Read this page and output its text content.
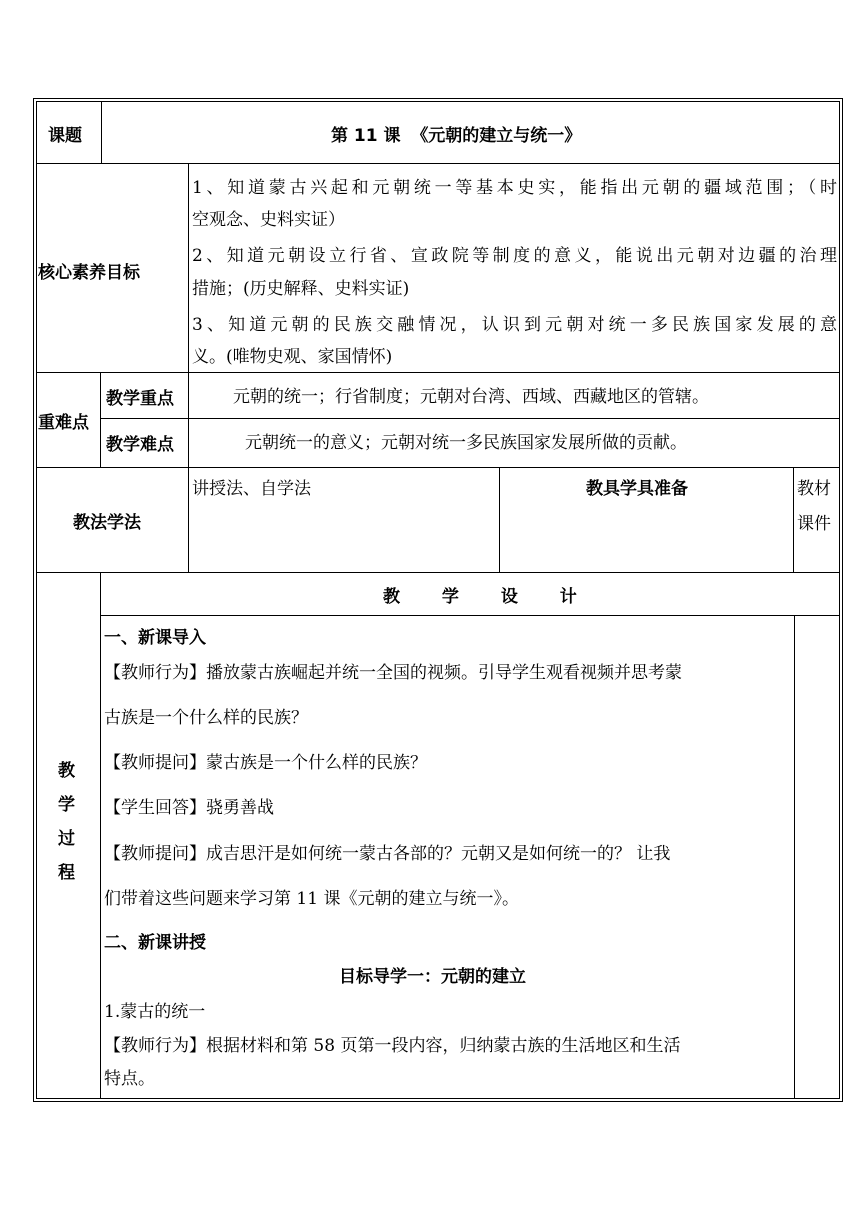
课题	第 11 课 《元朝的建立与统一》
核心素养目标
1、知道蒙古兴起和元朝统一等基本史实，能指出元朝的疆域范围；（时
空观念、史料实证）
2、知道元朝设立行省、宣政院等制度的意义，能说出元朝对边疆的治理
措施；(历史解释、史料实证)
3、知道元朝的民族交融情况，认识到元朝对统一多民族国家发展的意
义。(唯物史观、家国情怀)
重难点
教学重点	元朝的统一；行省制度；元朝对台湾、西域、西藏地区的管辖。
教学难点	元朝统一的意义；元朝对统一多民族国家发展所做的贡献。
教法学法
讲授法、自学法	教具学具准备	教材
课件
教
学
过
程
教 学 设 计
一、新课导入
【教师行为】播放蒙古族崛起并统一全国的视频。引导学生观看视频并思考蒙
古族是一个什么样的民族？
【教师提问】蒙古族是一个什么样的民族？
【学生回答】骁勇善战
【教师提问】成吉思汗是如何统一蒙古各部的？元朝又是如何统一的？ 让我
们带着这些问题来学习第 11 课《元朝的建立与统一》。
二、新课讲授
目标导学一：元朝的建立
1.蒙古的统一
【教师行为】根据材料和第 58 页第一段内容，归纳蒙古族的生活地区和生活
特点。
